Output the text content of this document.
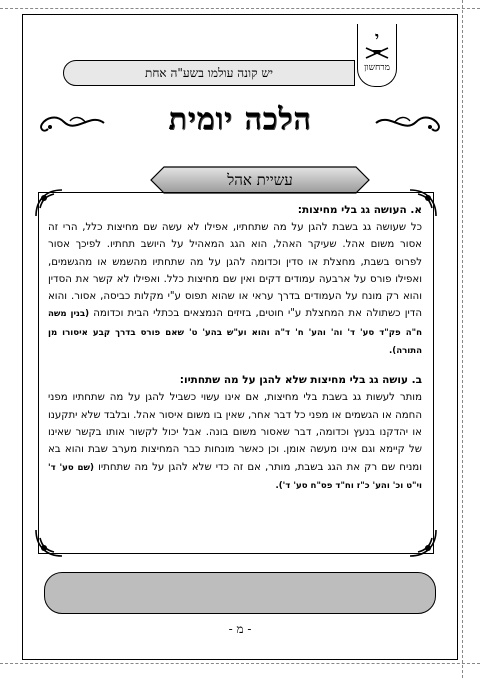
יש קונה עולמו בשע"ה אחת
י
מרחשון
הלכה יומית
עשיית אהל

א. העושה גג בלי מחיצות:

כל שעושה גג בשבת להגן על מה שתחתיו, אפילו לא עשה שם מחיצות כלל, הרי זה אסור משום אהל. שעיקר האהל, הוא הגג המאהיל על היושב תחתיו. לפיכך אסור לפרוס בשבת, מחצלת או סדין וכדומה להגן על מה שתחתיו מהשמש או מהגשמים, ואפילו פורס על ארבעה עמודים דקים ואין שם מחיצות כלל. ואפילו לא קשר את הסדין והוא רק מונח על העמודים בדרך עראי או שהוא תפוס ע"י מקלות כביסה, אסור. והוא הדין כשתולה את המחצלת ע"י חוטים, בזיזים הנמצאים בכתלי הבית וכדומה (בנין משה ח"ה פק"ד סע' ד' וה' והע' ח' ד"ה והוא וע"ש בהע' ט' שאם פורס בדרך קבע איסורו מן התורה).

ב. עושה גג בלי מחיצות שלא להגן על מה שתחתיו:

מותר לעשות גג בשבת בלי מחיצות, אם אינו עשוי כשביל להגן על מה שתחתיו מפני החמה או הגשמים או מפני כל דבר אחר, שאין בו משום איסור אהל. ובלבד שלא יתקענו או יהדקנו בנעץ וכדומה, דבר שאסור משום בונה. אבל יכול לקשור אותו בקשר שאינו של קיימא וגם אינו מעשה אומן. וכן כאשר מונחות כבר המחיצות מערב שבת והוא בא ומניח שם רק את הגג בשבת, מותר, אם זה כדי שלא להגן על מה שתחתיו (שם סע' ד' וי"ט וכ' והע' כ"ז וח"ד פס"ח סע' ד').

- מ -
